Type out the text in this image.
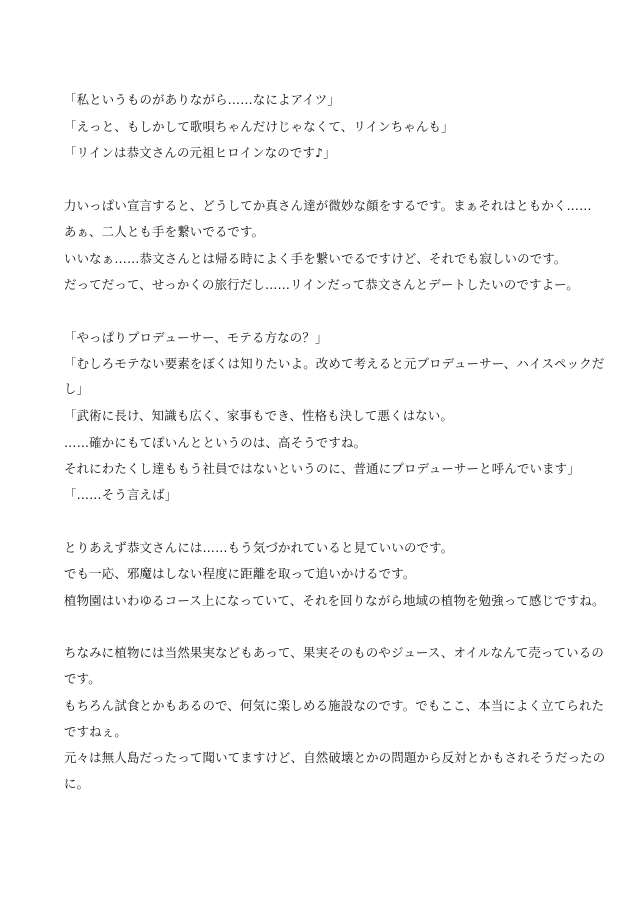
「私というものがありながら……なによアイツ」
「えっと、もしかして歌唄ちゃんだけじゃなくて、リインちゃんも」
「リインは恭文さんの元祖ヒロインなのです♪」
力いっぱい宣言すると、どうしてか真さん達が微妙な顔をするです。まぁそれはともかく……
あぁ、二人とも手を繋いでるです。
いいなぁ……恭文さんとは帰る時によく手を繋いでるですけど、それでも寂しいのです。
だってだって、せっかくの旅行だし……リインだって恭文さんとデートしたいのですよー。
「やっぱりプロデューサー、モテる方なの？」
「むしろモテない要素をぼくは知りたいよ。改めて考えると元プロデューサー、ハイスペックだ
し」
「武術に長け、知識も広く、家事もでき、性格も決して悪くはない。
……確かにもてぽいんとというのは、高そうですね。
それにわたくし達ももう社員ではないというのに、普通にプロデューサーと呼んでいます」
「……そう言えば」
とりあえず恭文さんには……もう気づかれていると見ていいのです。
でも一応、邪魔はしない程度に距離を取って追いかけるです。
植物園はいわゆるコース上になっていて、それを回りながら地域の植物を勉強って感じですね。
ちなみに植物には当然果実などもあって、果実そのものやジュース、オイルなんて売っているの
です。
もちろん試食とかもあるので、何気に楽しめる施設なのです。でもここ、本当によく立てられた
ですねぇ。
元々は無人島だったって聞いてますけど、自然破壊とかの問題から反対とかもされそうだったの
に。
